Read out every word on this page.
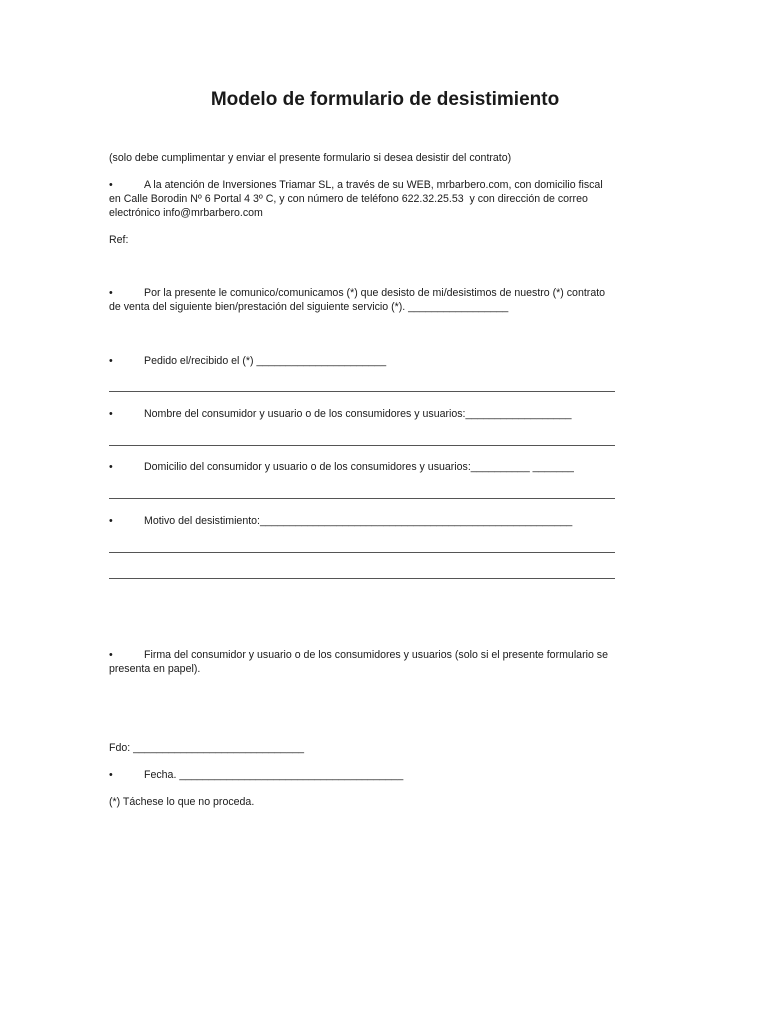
Modelo de formulario de desistimiento
(solo debe cumplimentar y enviar el presente formulario si desea desistir del contrato)
•	A la atención de Inversiones Triamar SL, a través de su WEB, mrbarbero.com, con domicilio fiscal
en Calle Borodin Nº 6 Portal 4 3º C, y con número de teléfono 622.32.25.53  y con dirección de correo
electrónico info@mrbarbero.com
Ref:
•	Por la presente le comunico/comunicamos (*) que desisto de mi/desistimos de nuestro (*) contrato
de venta del siguiente bien/prestación del siguiente servicio (*). _________________
•	Pedido el/recibido el (*) ______________________
•	Nombre del consumidor y usuario o de los consumidores y usuarios:__________________
•	Domicilio del consumidor y usuario o de los consumidores y usuarios:__________ _______
•	Motivo del desistimiento:_____________________________________________________
•	Firma del consumidor y usuario o de los consumidores y usuarios (solo si el presente formulario se
presenta en papel).
Fdo: _____________________________
•	Fecha. ______________________________________
(*) Táchese lo que no proceda.
